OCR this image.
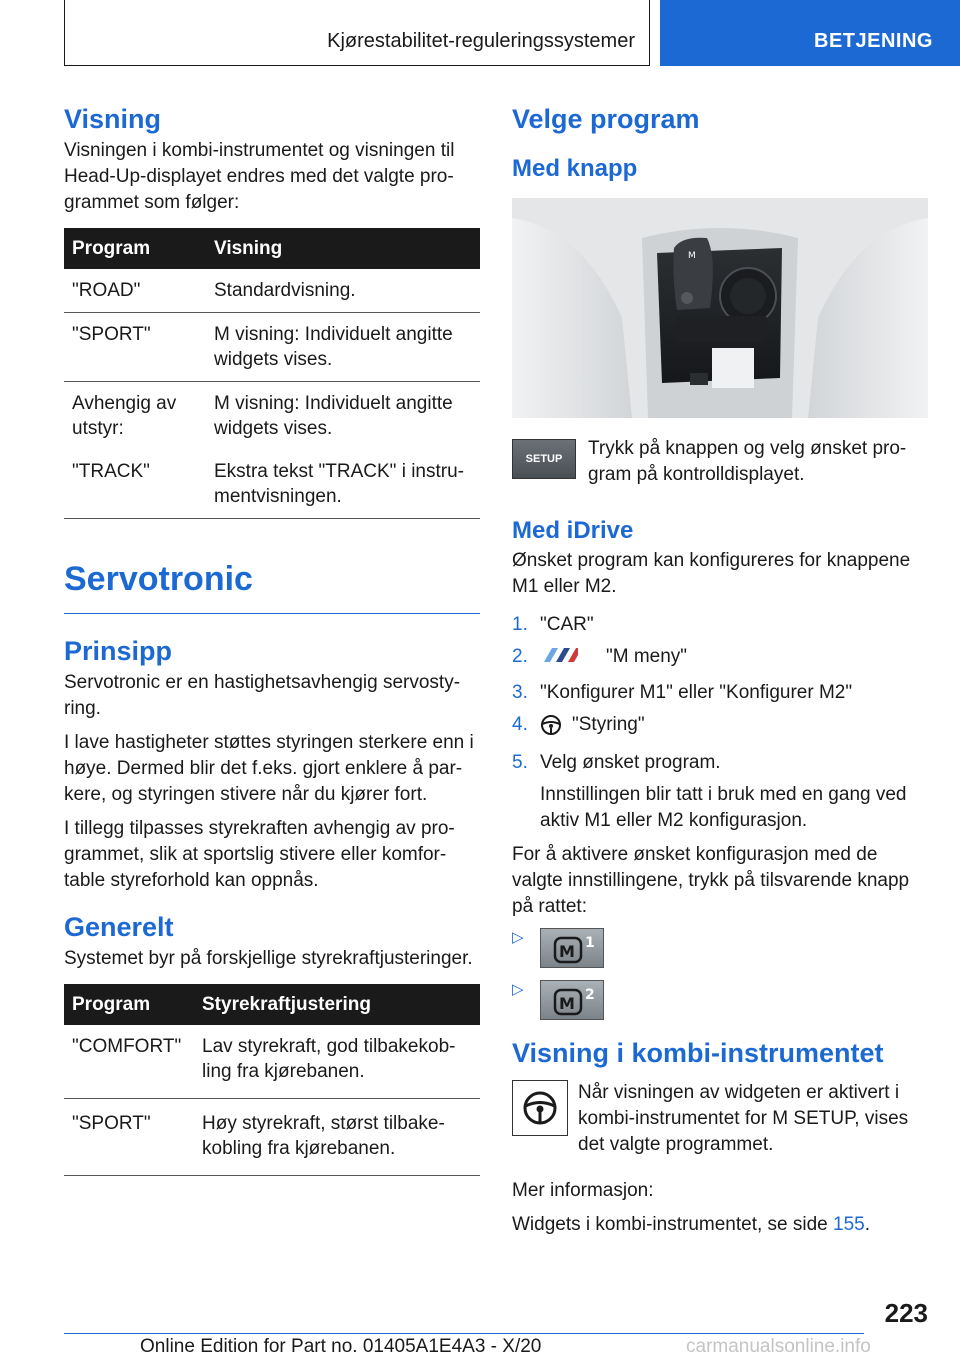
Kjørestabilitet-reguleringssystemer	BETJENING
Visning

Visningen i kombi-instrumentet og visningen til Head-Up-displayet endres med det valgte pro-grammet som følger:

Program	Visning
"ROAD"	Standardvisning.
"SPORT"	M visning: Individuelt angitte widgets vises.
Avhengig av utstyr:	M visning: Individuelt angitte widgets vises.
"TRACK"	Ekstra tekst "TRACK" i instru-mentvisningen.
Servotronic
Prinsipp

Servotronic er en hastighetsavhengig servosty-ring.

I lave hastigheter støttes styringen sterkere enn i høye. Dermed blir det f.eks. gjort enklere å par-kere, og styringen stivere når du kjører fort.

I tillegg tilpasses styrekraften avhengig av pro-grammet, slik at sportslig stivere eller komfor-table styreforhold kan oppnås.

Generelt

Systemet byr på forskjellige styrekraftjusteringer.

Program	Styrekraftjustering
"COMFORT"	Lav styrekraft, god tilbakekob-ling fra kjørebanen.
"SPORT"	Høy styrekraft, størst tilbake-kobling fra kjørebanen.
Velge program
Med knapp
M
SETUP	Trykk på knappen og velg ønsket pro-gram på kontrolldisplayet.

Med iDrive

Ønsket program kan konfigureres for knappene M1 eller M2.

1. "CAR"
2.	"M meny"
3. "Konfigurer M1" eller "Konfigurer M2"
4.	"Styring"
5. Velg ønsket program.
Innstillingen blir tatt i bruk med en gang ved aktiv M1 eller M2 konfigurasjon.

For å aktivere ønsket konfigurasjon med de valgte innstillingene, trykk på tilsvarende knapp på rattet:

▷
M 1
▷
M 2
Visning i kombi-instrumentet

Når visningen av widgeten er aktivert i kombi-instrumentet for M SETUP, vises det valgte programmet.

Mer informasjon:

Widgets i kombi-instrumentet, se side 155.

223
Online Edition for Part no. 01405A1E4A3 - X/20	carmanualsonline.info
